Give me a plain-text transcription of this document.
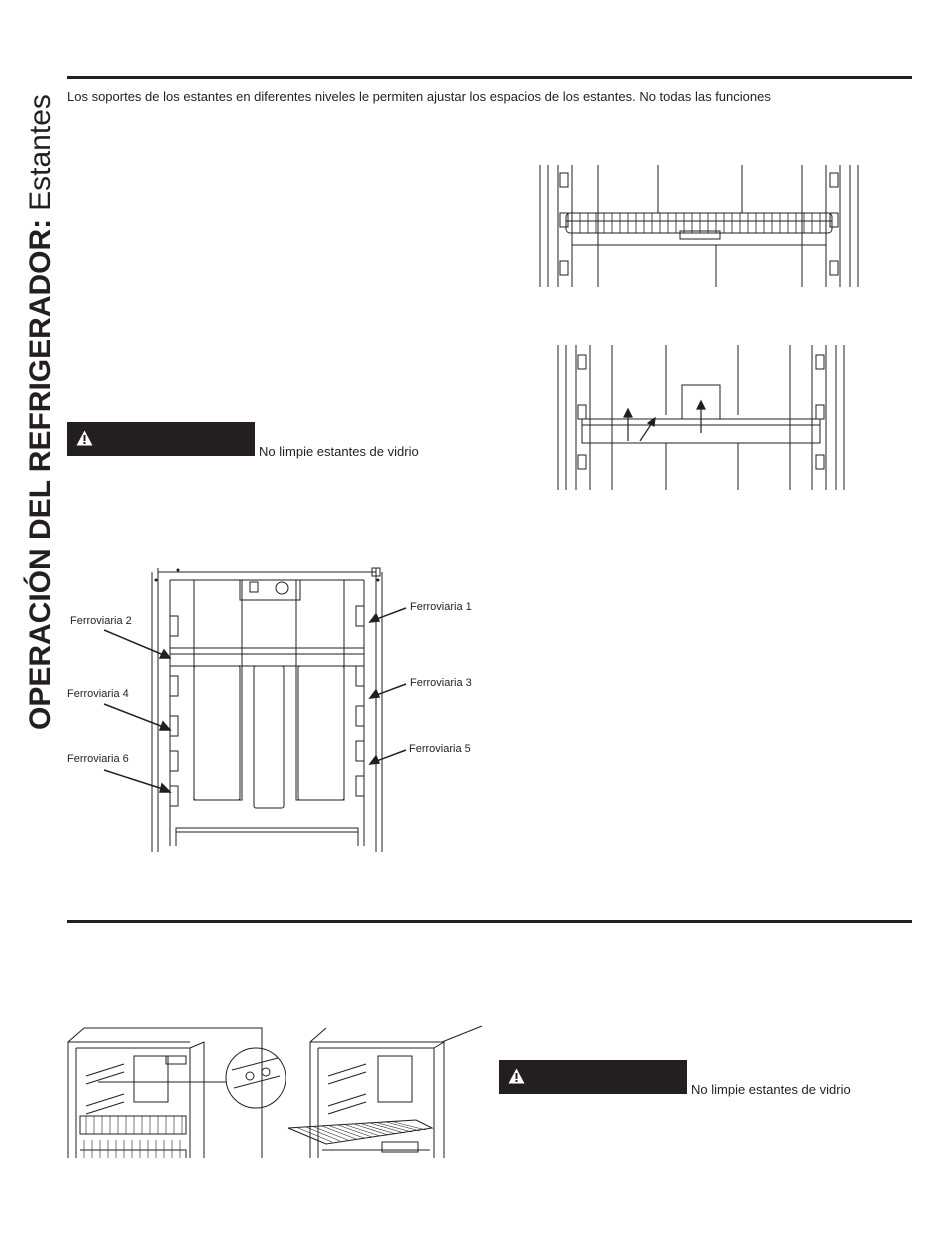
OPERACIÓN DEL REFRIGERADOR:Estantes Los soportes de los estantes en diferentes niveles le permiten ajustar los espacios de los estantes. No todas las funciones
No limpie estantes de vidrio
Ferroviaria 2
Ferroviaria 4
Ferroviaria 6
Ferroviaria 1
Ferroviaria 3
Ferroviaria 5
No limpie estantes de vidrio
